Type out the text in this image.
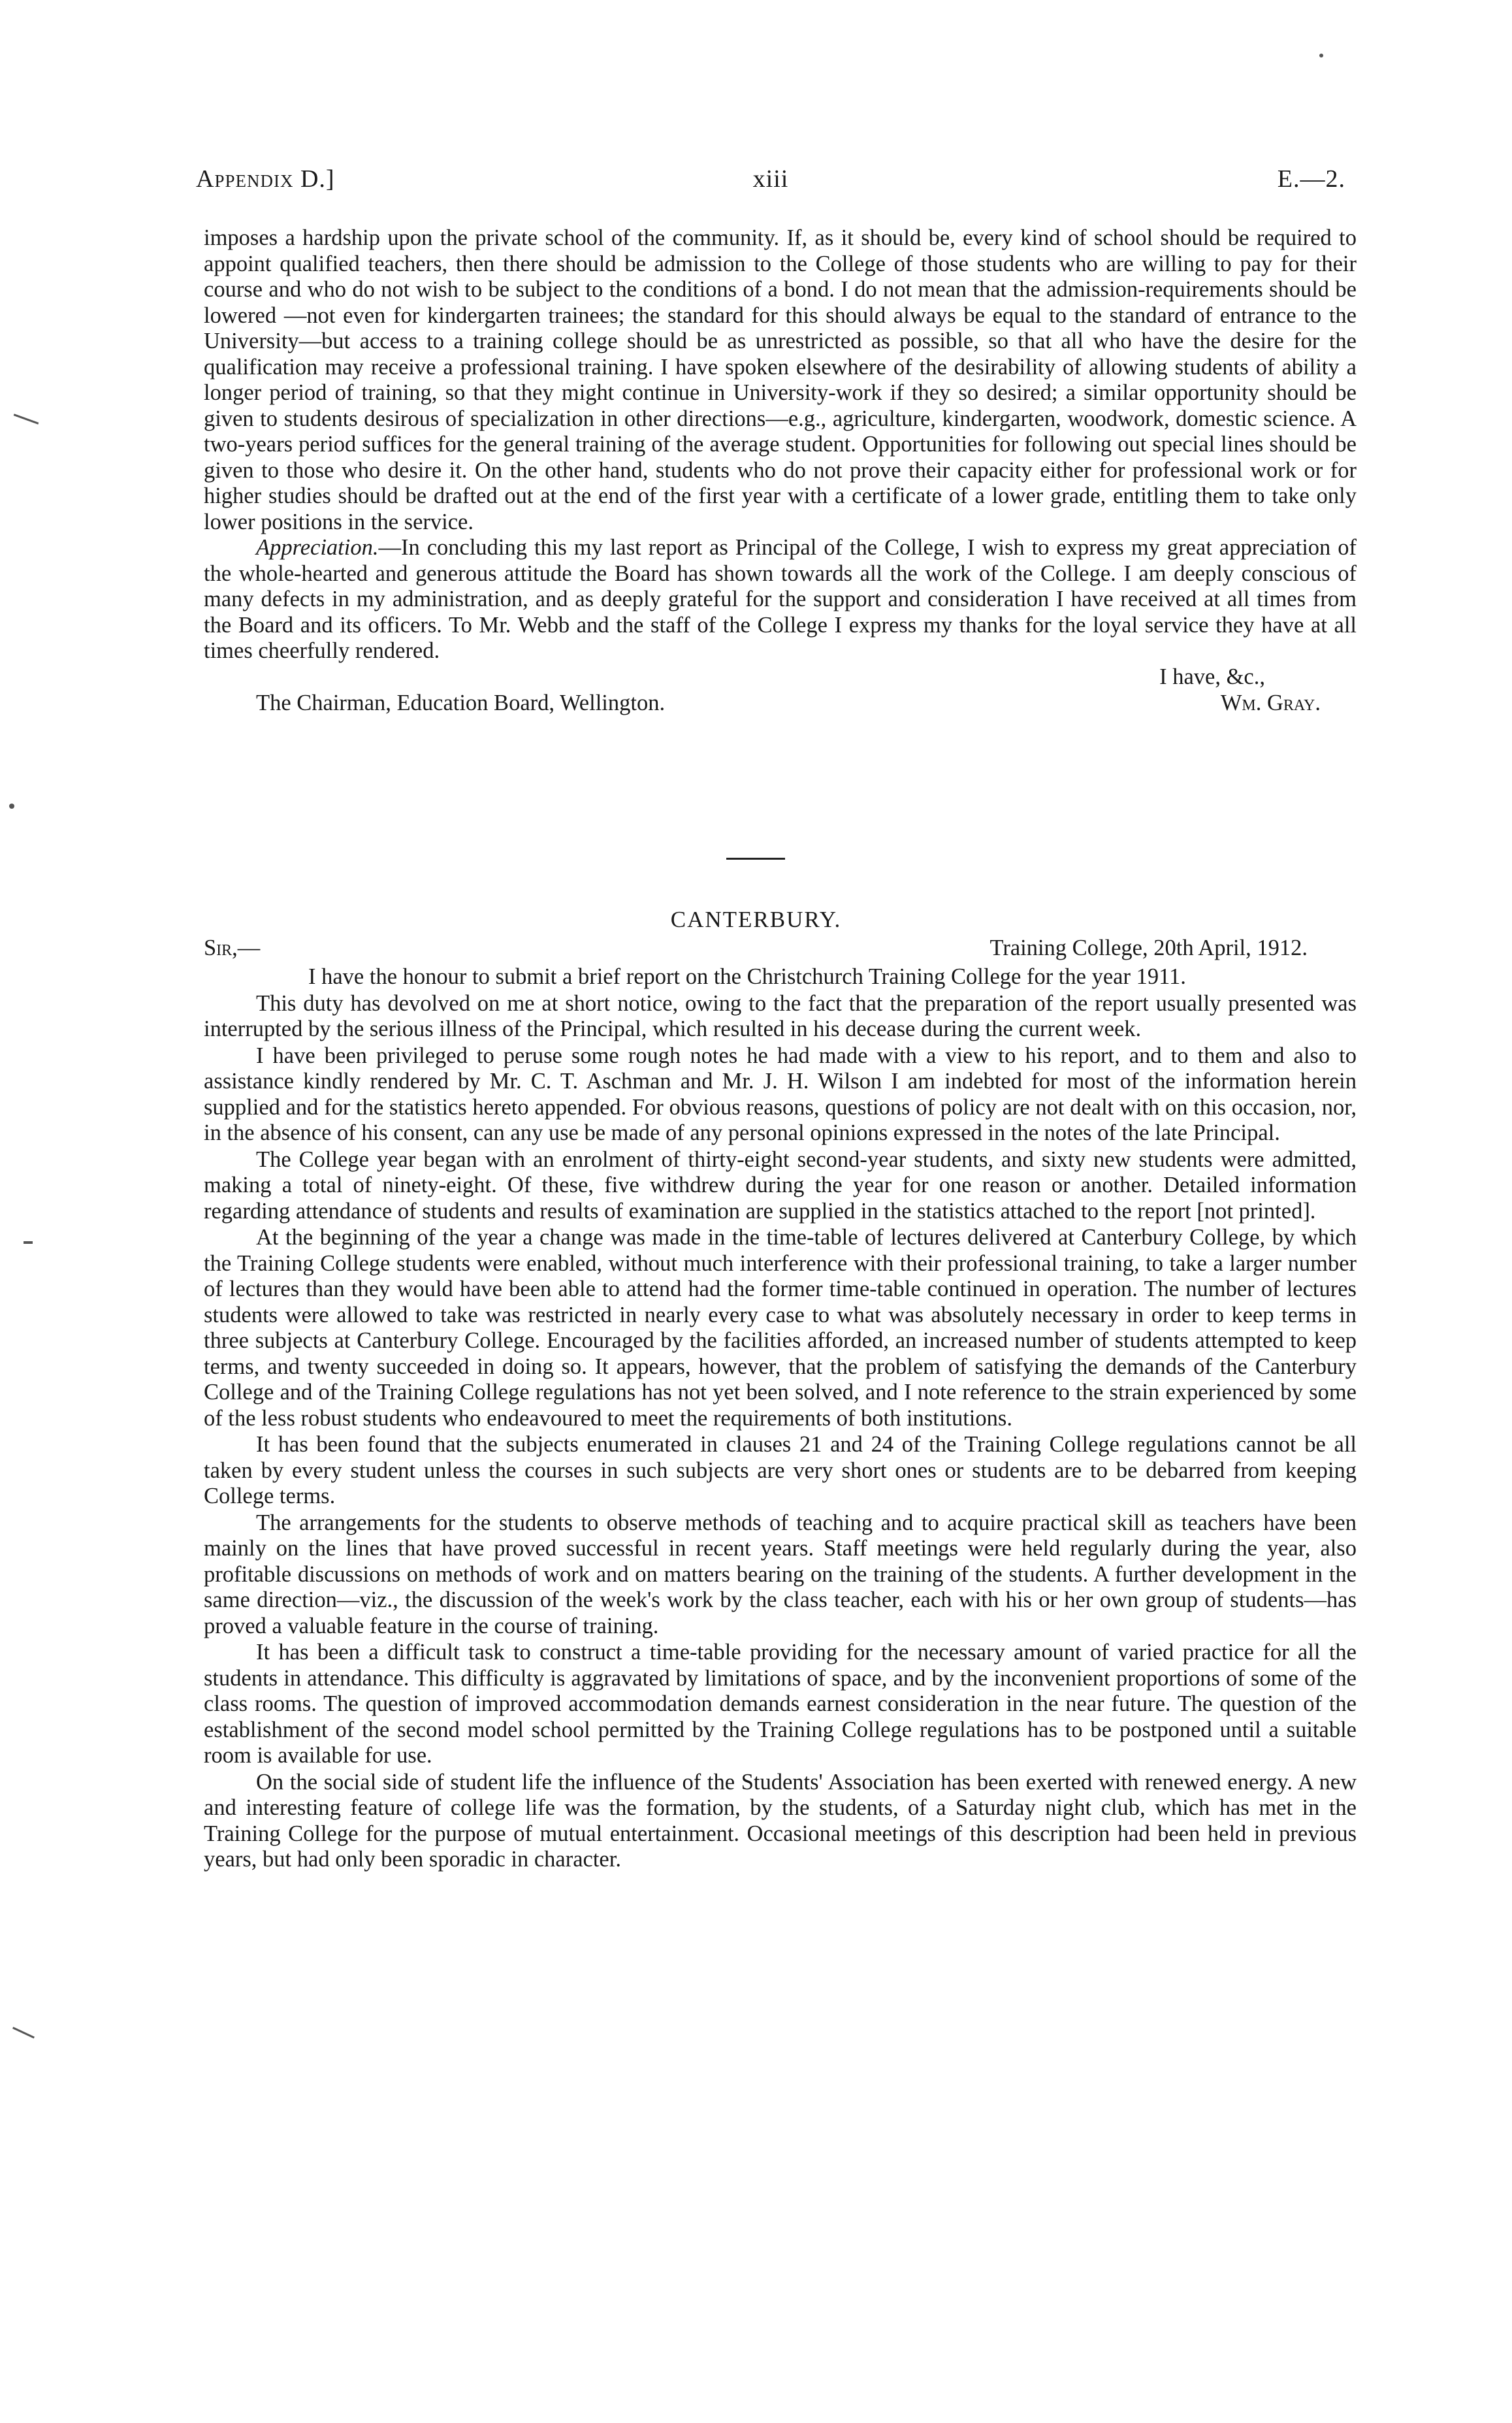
Appendix D.]	xiii	E.—2.

imposes a hardship upon the private school of the community. If, as it should be, every kind of school should be required to appoint qualified teachers, then there should be admission to the College of those students who are willing to pay for their course and who do not wish to be subject to the conditions of a bond. I do not mean that the admission-requirements should be lowered —not even for kindergarten trainees; the standard for this should always be equal to the standard of entrance to the University—but access to a training college should be as unrestricted as possible, so that all who have the desire for the qualification may receive a professional training. I have spoken elsewhere of the desirability of allowing students of ability a longer period of training, so that they might continue in University-work if they so desired; a similar opportunity should be given to students desirous of specialization in other directions—e.g., agriculture, kindergarten, woodwork, domestic science. A two-years period suffices for the general training of the average student. Opportunities for following out special lines should be given to those who desire it. On the other hand, students who do not prove their capacity either for professional work or for higher studies should be drafted out at the end of the first year with a certificate of a lower grade, entitling them to take only lower positions in the service.

Appreciation.—In concluding this my last report as Principal of the College, I wish to express my great appreciation of the whole-hearted and generous attitude the Board has shown towards all the work of the College. I am deeply conscious of many defects in my administration, and as deeply grateful for the support and consideration I have received at all times from the Board and its officers. To Mr. Webb and the staff of the College I express my thanks for the loyal service they have at all times cheerfully rendered.

I have, &c.,
The Chairman, Education Board, Wellington.	Wm. Gray.
CANTERBURY.
Sir,—	Training College, 20th April, 1912.

I have the honour to submit a brief report on the Christchurch Training College for the year 1911.

This duty has devolved on me at short notice, owing to the fact that the preparation of the report usually presented was interrupted by the serious illness of the Principal, which resulted in his decease during the current week.

I have been privileged to peruse some rough notes he had made with a view to his report, and to them and also to assistance kindly rendered by Mr. C. T. Aschman and Mr. J. H. Wilson I am indebted for most of the information herein supplied and for the statistics hereto appended. For obvious reasons, questions of policy are not dealt with on this occasion, nor, in the absence of his consent, can any use be made of any personal opinions expressed in the notes of the late Principal.

The College year began with an enrolment of thirty-eight second-year students, and sixty new students were admitted, making a total of ninety-eight. Of these, five withdrew during the year for one reason or another. Detailed information regarding attendance of students and results of examination are supplied in the statistics attached to the report [not printed].

At the beginning of the year a change was made in the time-table of lectures delivered at Canterbury College, by which the Training College students were enabled, without much interference with their professional training, to take a larger number of lectures than they would have been able to attend had the former time-table continued in operation. The number of lectures students were allowed to take was restricted in nearly every case to what was absolutely necessary in order to keep terms in three subjects at Canterbury College. Encouraged by the facilities afforded, an increased number of students attempted to keep terms, and twenty succeeded in doing so. It appears, however, that the problem of satisfying the demands of the Canterbury College and of the Training College regulations has not yet been solved, and I note reference to the strain experienced by some of the less robust students who endeavoured to meet the requirements of both institutions.

It has been found that the subjects enumerated in clauses 21 and 24 of the Training College regulations cannot be all taken by every student unless the courses in such subjects are very short ones or students are to be debarred from keeping College terms.

The arrangements for the students to observe methods of teaching and to acquire practical skill as teachers have been mainly on the lines that have proved successful in recent years. Staff meetings were held regularly during the year, also profitable discussions on methods of work and on matters bearing on the training of the students. A further development in the same direction—viz., the discussion of the week's work by the class teacher, each with his or her own group of students—has proved a valuable feature in the course of training.

It has been a difficult task to construct a time-table providing for the necessary amount of varied practice for all the students in attendance. This difficulty is aggravated by limitations of space, and by the inconvenient proportions of some of the class rooms. The question of improved accommodation demands earnest consideration in the near future. The question of the establishment of the second model school permitted by the Training College regulations has to be postponed until a suitable room is available for use.

On the social side of student life the influence of the Students' Association has been exerted with renewed energy. A new and interesting feature of college life was the formation, by the students, of a Saturday night club, which has met in the Training College for the purpose of mutual entertainment. Occasional meetings of this description had been held in previous years, but had only been sporadic in character.
